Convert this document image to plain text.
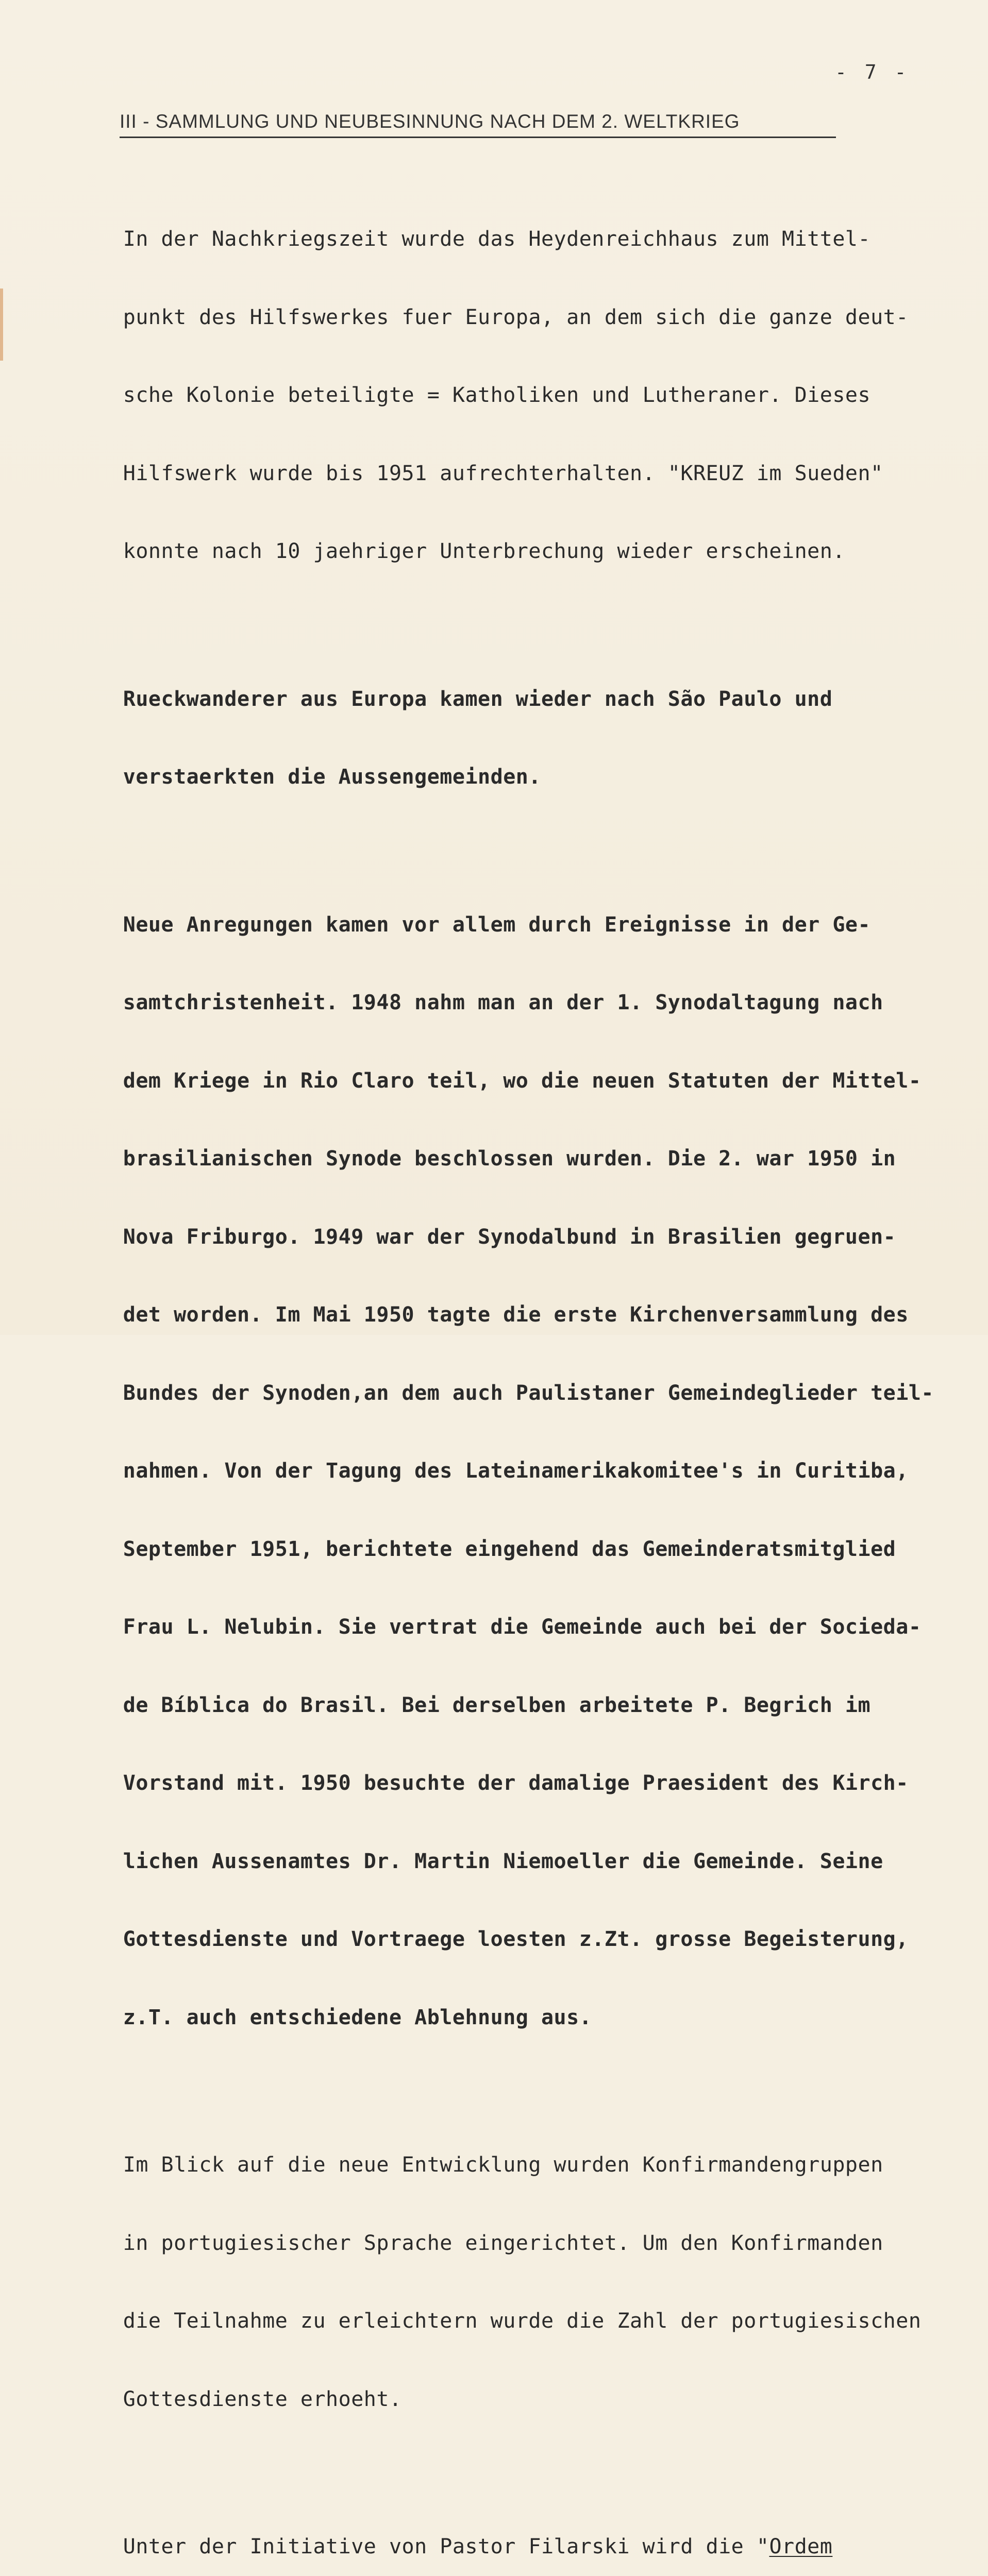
- 7 -
III - SAMMLUNG UND NEUBESINNUNG NACH DEM 2. WELTKRIEG

In der Nachkriegszeit wurde das Heydenreichhaus zum Mittel-

punkt des Hilfswerkes fuer Europa, an dem sich die ganze deut-

sche Kolonie beteiligte = Katholiken und Lutheraner. Dieses

Hilfswerk wurde bis 1951 aufrechterhalten. "KREUZ im Sueden"

konnte nach 10 jaehriger Unterbrechung wieder erscheinen.

Rueckwanderer aus Europa kamen wieder nach São Paulo und

verstaerkten die Aussengemeinden.

Neue Anregungen kamen vor allem durch Ereignisse in der Ge-

samtchristenheit. 1948 nahm man an der 1. Synodaltagung nach

dem Kriege in Rio Claro teil, wo die neuen Statuten der Mittel-

brasilianischen Synode beschlossen wurden. Die 2. war 1950 in

Nova Friburgo. 1949 war der Synodalbund in Brasilien gegruen-

det worden. Im Mai 1950 tagte die erste Kirchenversammlung des

Bundes der Synoden,an dem auch Paulistaner Gemeindeglieder teil-

nahmen. Von der Tagung des Lateinamerikakomitee's in Curitiba,

September 1951, berichtete eingehend das Gemeinderatsmitglied

Frau L. Nelubin. Sie vertrat die Gemeinde auch bei der Socieda-

de Bíblica do Brasil. Bei derselben arbeitete P. Begrich im

Vorstand mit. 1950 besuchte der damalige Praesident des Kirch-

lichen Aussenamtes Dr. Martin Niemoeller die Gemeinde. Seine

Gottesdienste und Vortraege loesten z.Zt. grosse Begeisterung,

z.T. auch entschiedene Ablehnung aus.

Im Blick auf die neue Entwicklung wurden Konfirmandengruppen

in portugiesischer Sprache eingerichtet. Um den Konfirmanden

die Teilnahme zu erleichtern wurde die Zahl der portugiesischen

Gottesdienste erhoeht.

Unter der Initiative von Pastor Filarski wird die "Ordem
